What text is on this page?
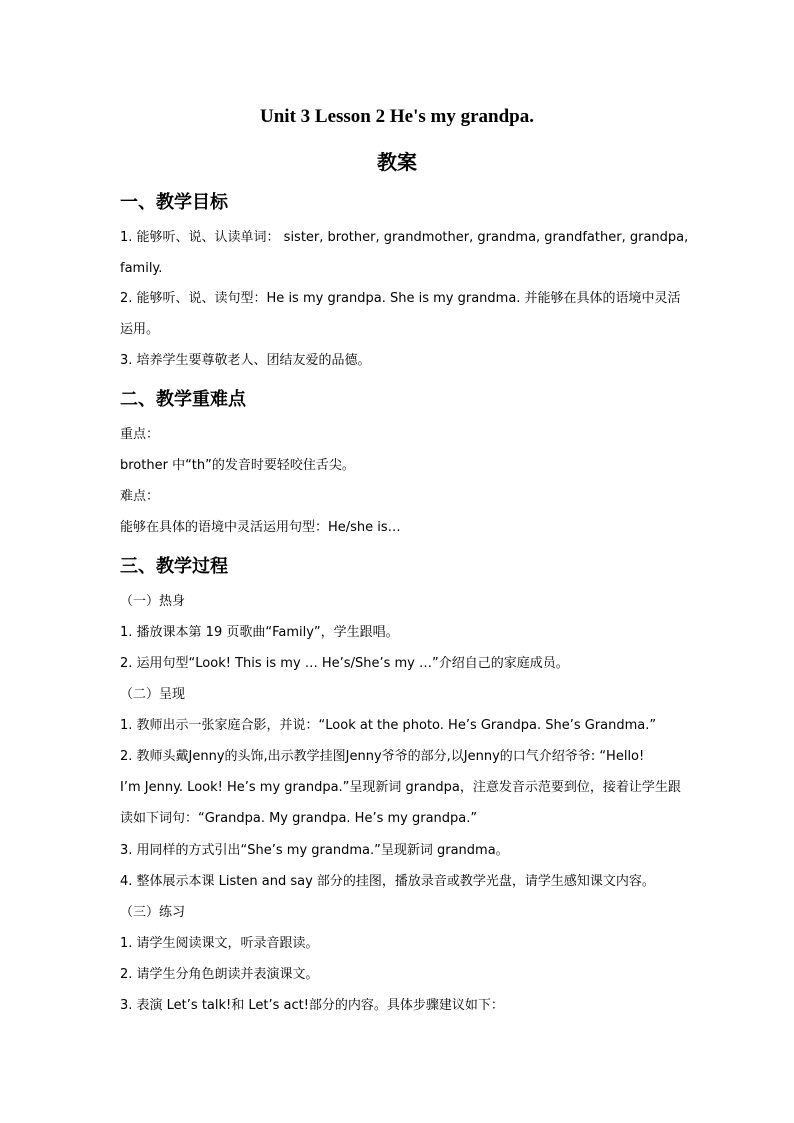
Unit 3 Lesson 2 He's my grandpa.
教案
一、教学目标
1. 能够听、说、认读单词： sister, brother, grandmother, grandma, grandfather, grandpa,
family.
2. 能够听、说、读句型：He is my grandpa. She is my grandma. 并能够在具体的语境中灵活
运用。
3. 培养学生要尊敬老人、团结友爱的品德。
二、教学重难点
重点：
brother 中“th”的发音时要轻咬住舌尖。
难点：
能够在具体的语境中灵活运用句型：He/she is…
三、教学过程
（一）热身
1. 播放课本第 19 页歌曲“Family”，学生跟唱。
2. 运用句型“Look! This is my … He’s/She’s my …”介绍自己的家庭成员。
（二）呈现
1. 教师出示一张家庭合影，并说：“Look at the photo. He’s Grandpa. She’s Grandma.”
2. 教师头戴Jenny的头饰,出示教学挂图Jenny爷爷的部分,以Jenny的口气介绍爷爷: “Hello!
I’m Jenny. Look! He’s my grandpa.”呈现新词 grandpa，注意发音示范要到位，接着让学生跟
读如下词句：“Grandpa. My grandpa. He’s my grandpa.”
3. 用同样的方式引出“She’s my grandma.”呈现新词 grandma。
4. 整体展示本课 Listen and say 部分的挂图，播放录音或教学光盘，请学生感知课文内容。
（三）练习
1. 请学生阅读课文，听录音跟读。
2. 请学生分角色朗读并表演课文。
3. 表演 Let’s talk!和 Let’s act!部分的内容。具体步骤建议如下：
